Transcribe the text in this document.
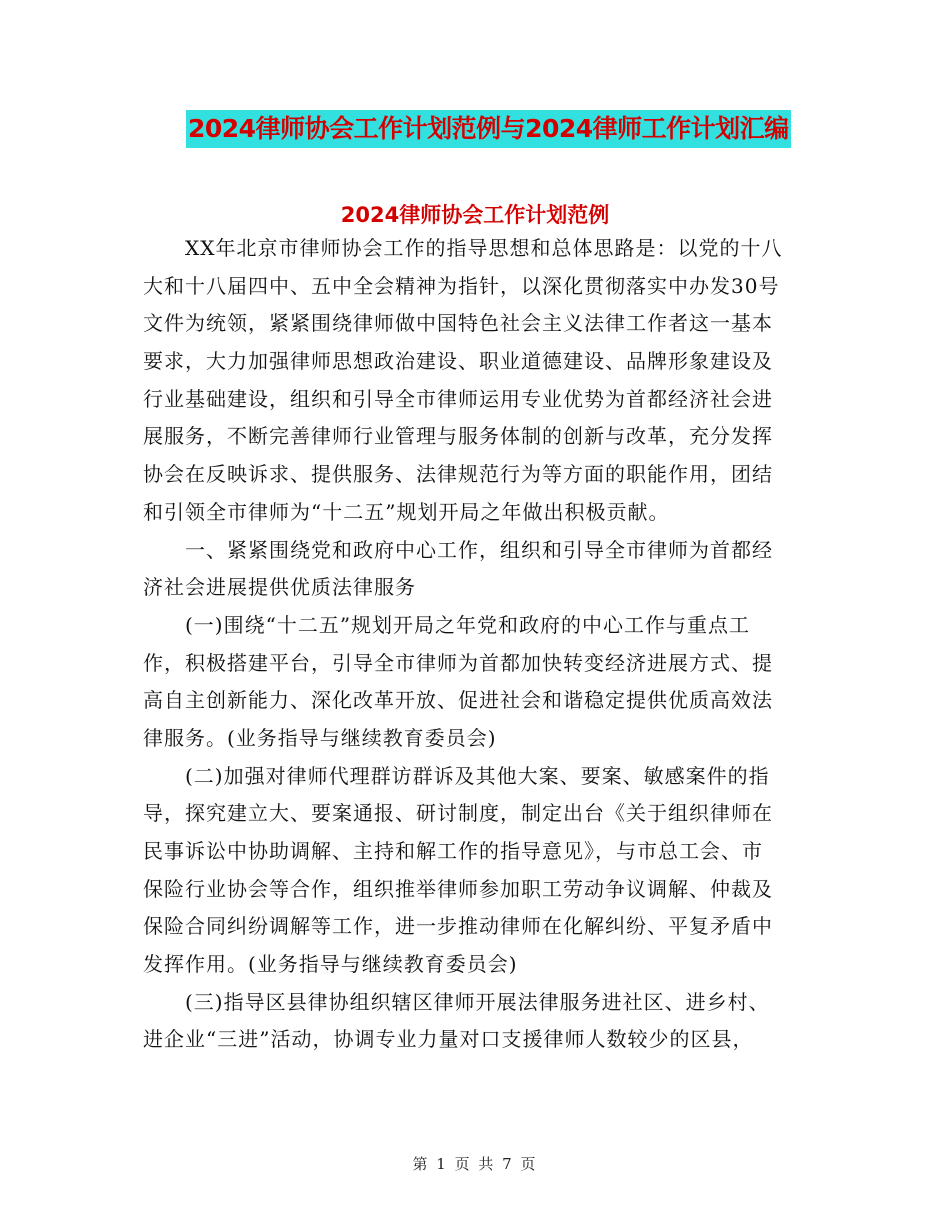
2024律师协会工作计划范例与2024律师工作计划汇编
2024律师协会工作计划范例
XX年北京市律师协会工作的指导思想和总体思路是：以党的十八
大和十八届四中、五中全会精神为指针，以深化贯彻落实中办发30号
文件为统领，紧紧围绕律师做中国特色社会主义法律工作者这一基本
要求，大力加强律师思想政治建设、职业道德建设、品牌形象建设及
行业基础建设，组织和引导全市律师运用专业优势为首都经济社会进
展服务，不断完善律师行业管理与服务体制的创新与改革，充分发挥
协会在反映诉求、提供服务、法律规范行为等方面的职能作用，团结
和引领全市律师为“十二五”规划开局之年做出积极贡献。
一、紧紧围绕党和政府中心工作，组织和引导全市律师为首都经
济社会进展提供优质法律服务
(一)围绕“十二五”规划开局之年党和政府的中心工作与重点工
作，积极搭建平台，引导全市律师为首都加快转变经济进展方式、提
高自主创新能力、深化改革开放、促进社会和谐稳定提供优质高效法
律服务。(业务指导与继续教育委员会)
(二)加强对律师代理群访群诉及其他大案、要案、敏感案件的指
导，探究建立大、要案通报、研讨制度，制定出台《关于组织律师在
民事诉讼中协助调解、主持和解工作的指导意见》，与市总工会、市
保险行业协会等合作，组织推举律师参加职工劳动争议调解、仲裁及
保险合同纠纷调解等工作，进一步推动律师在化解纠纷、平复矛盾中
发挥作用。(业务指导与继续教育委员会)
(三)指导区县律协组织辖区律师开展法律服务进社区、进乡村、
进企业“三进”活动，协调专业力量对口支援律师人数较少的区县，
第 1 页 共 7 页
